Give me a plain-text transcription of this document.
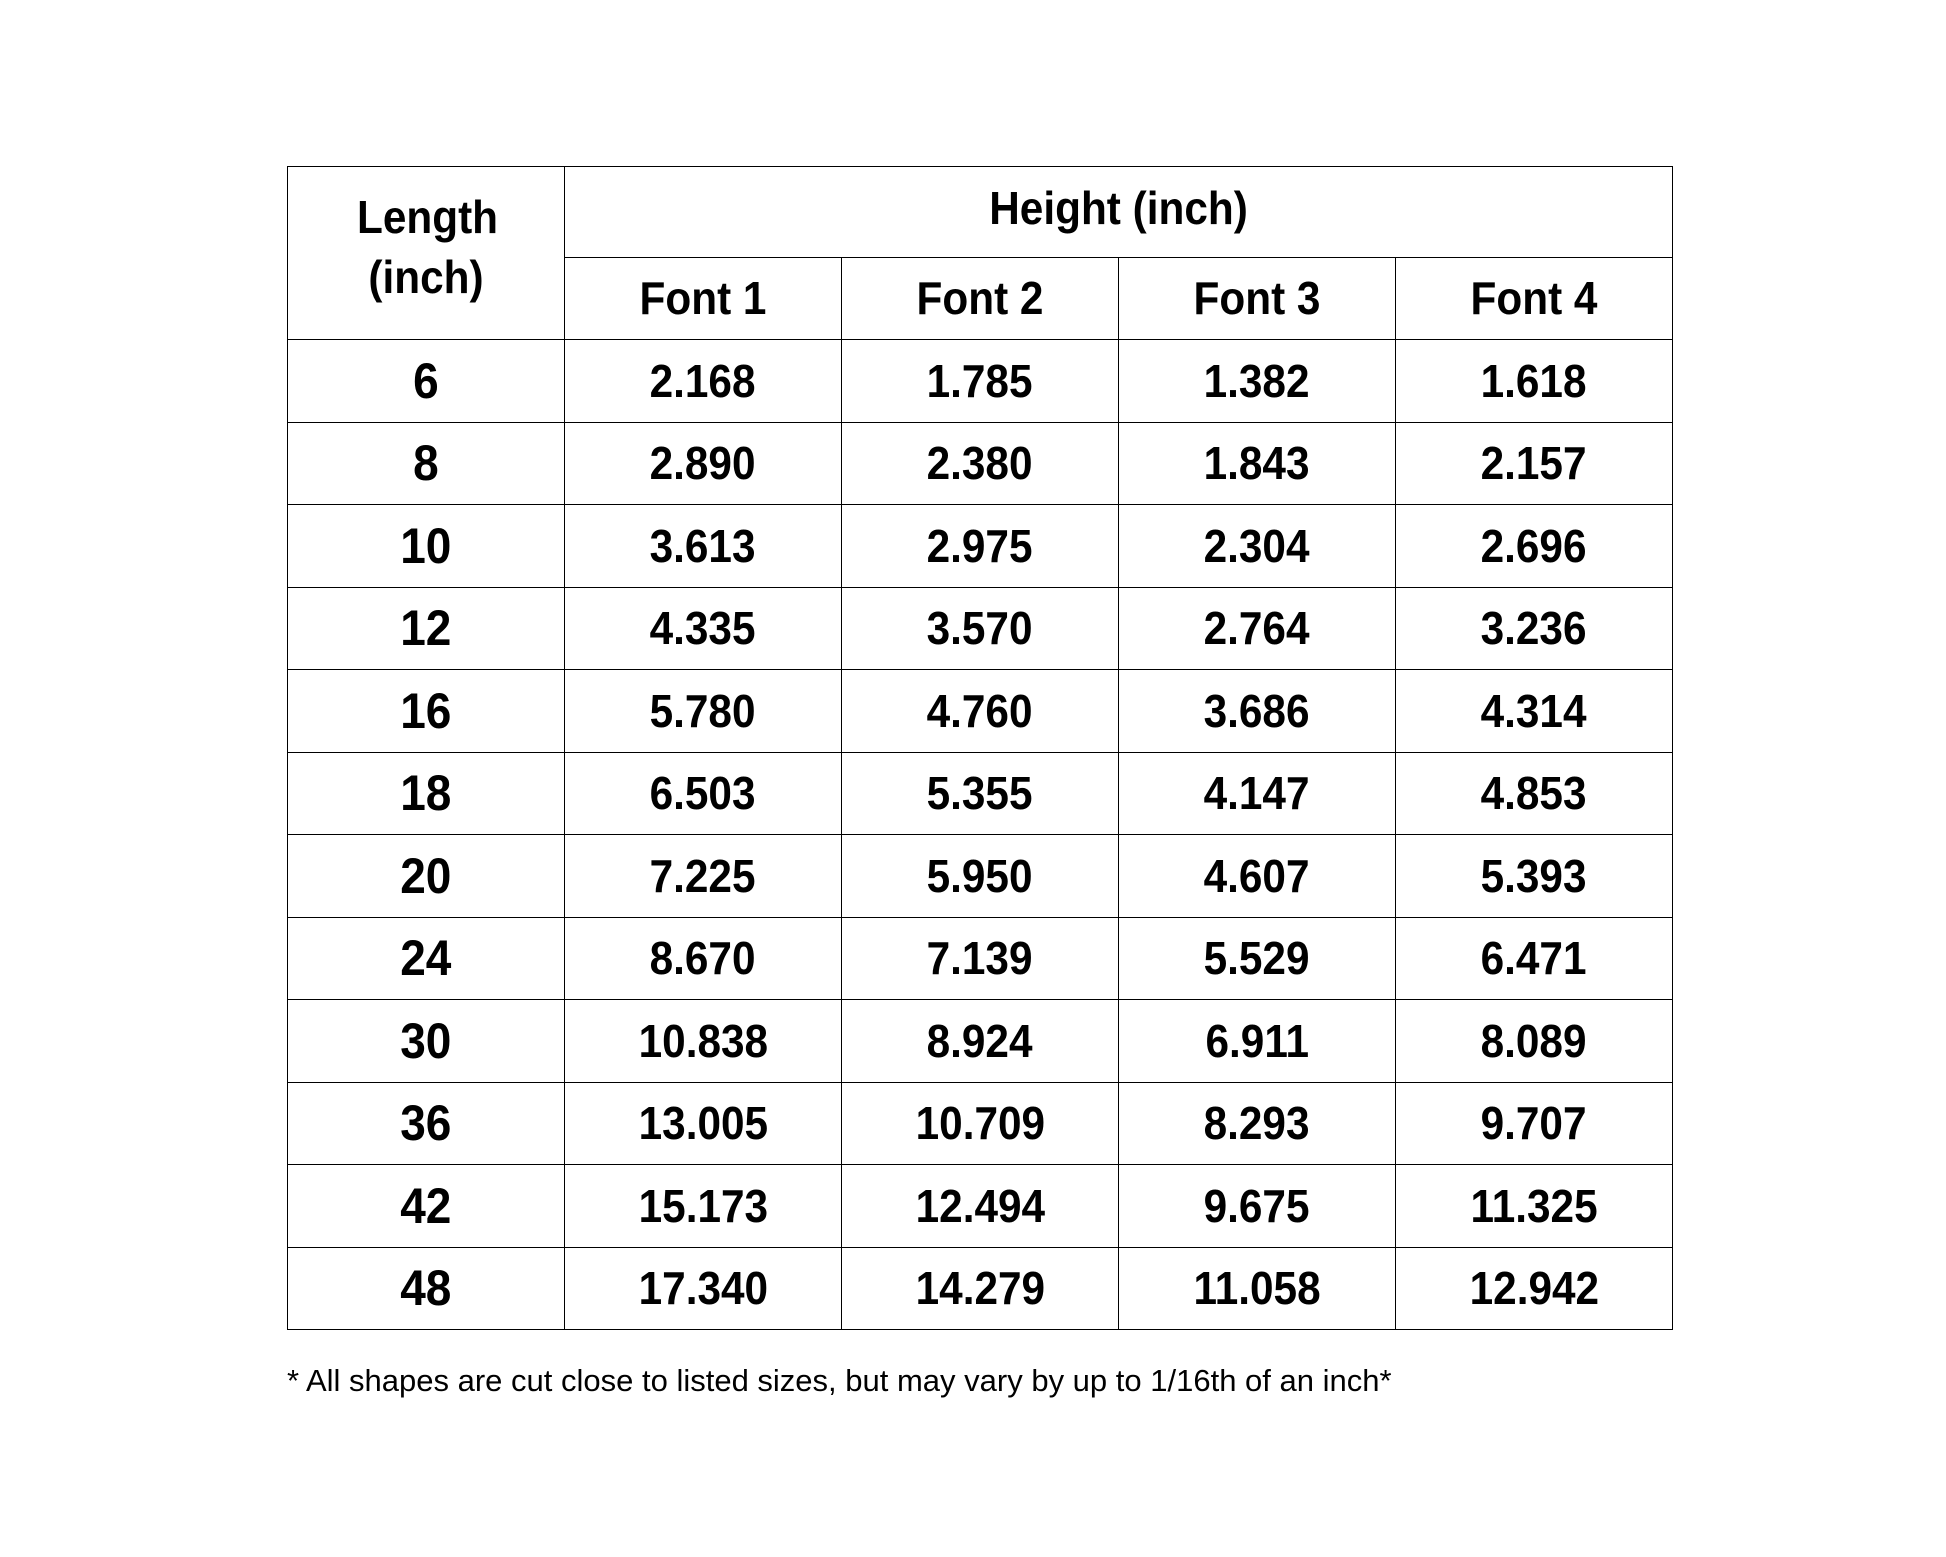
Length (inch)	Height (inch)			
	Font 1	Font 2	Font 3	Font 4
6	2.168	1.785	1.382	1.618
8	2.890	2.380	1.843	2.157
10	3.613	2.975	2.304	2.696
12	4.335	3.570	2.764	3.236
16	5.780	4.760	3.686	4.314
18	6.503	5.355	4.147	4.853
20	7.225	5.950	4.607	5.393
24	8.670	7.139	5.529	6.471
30	10.838	8.924	6.911	8.089
36	13.005	10.709	8.293	9.707
42	15.173	12.494	9.675	11.325
48	17.340	14.279	11.058	12.942
* All shapes are cut close to listed sizes, but may vary by up to 1/16th of an inch*
